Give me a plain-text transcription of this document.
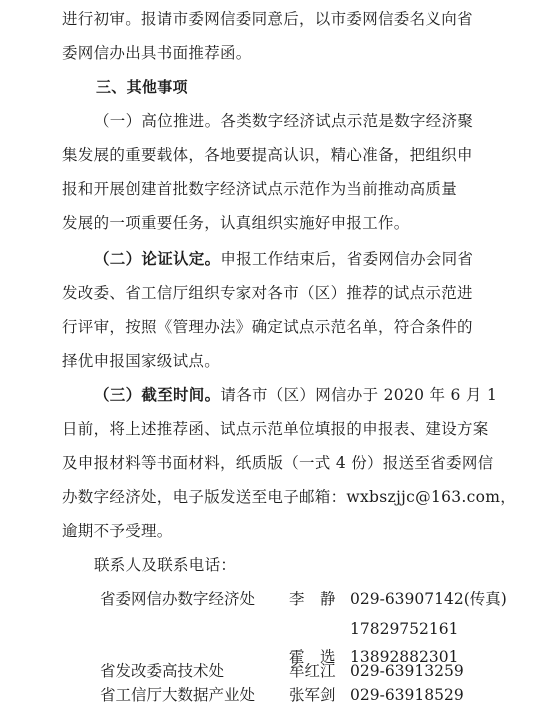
进行初审。报请市委网信委同意后，以市委网信委名义向省
委网信办出具书面推荐函。
三、其他事项
（一）高位推进。各类数字经济试点示范是数字经济聚
集发展的重要载体，各地要提高认识，精心准备，把组织申
报和开展创建首批数字经济试点示范作为当前推动高质量
发展的一项重要任务，认真组织实施好申报工作。
（二）论证认定。申报工作结束后，省委网信办会同省
发改委、省工信厅组织专家对各市（区）推荐的试点示范进
行评审，按照《管理办法》确定试点示范名单，符合条件的
择优申报国家级试点。
（三）截至时间。请各市（区）网信办于 2020 年 6 月 1
日前，将上述推荐函、试点示范单位填报的申报表、建设方案
及申报材料等书面材料，纸质版（一式 4 份）报送至省委网信
办数字经济处，电子版发送至电子邮箱：wxbszjjc@163.com，
逾期不予受理。
联系人及联系电话：
省委网信办数字经济处 李　静 029-63907142(传真)
17829752161
霍　选 13892882301
省发改委高技术处	牟红江 029-63913259
省工信厅大数据产业处 张军剑 029-63918529
